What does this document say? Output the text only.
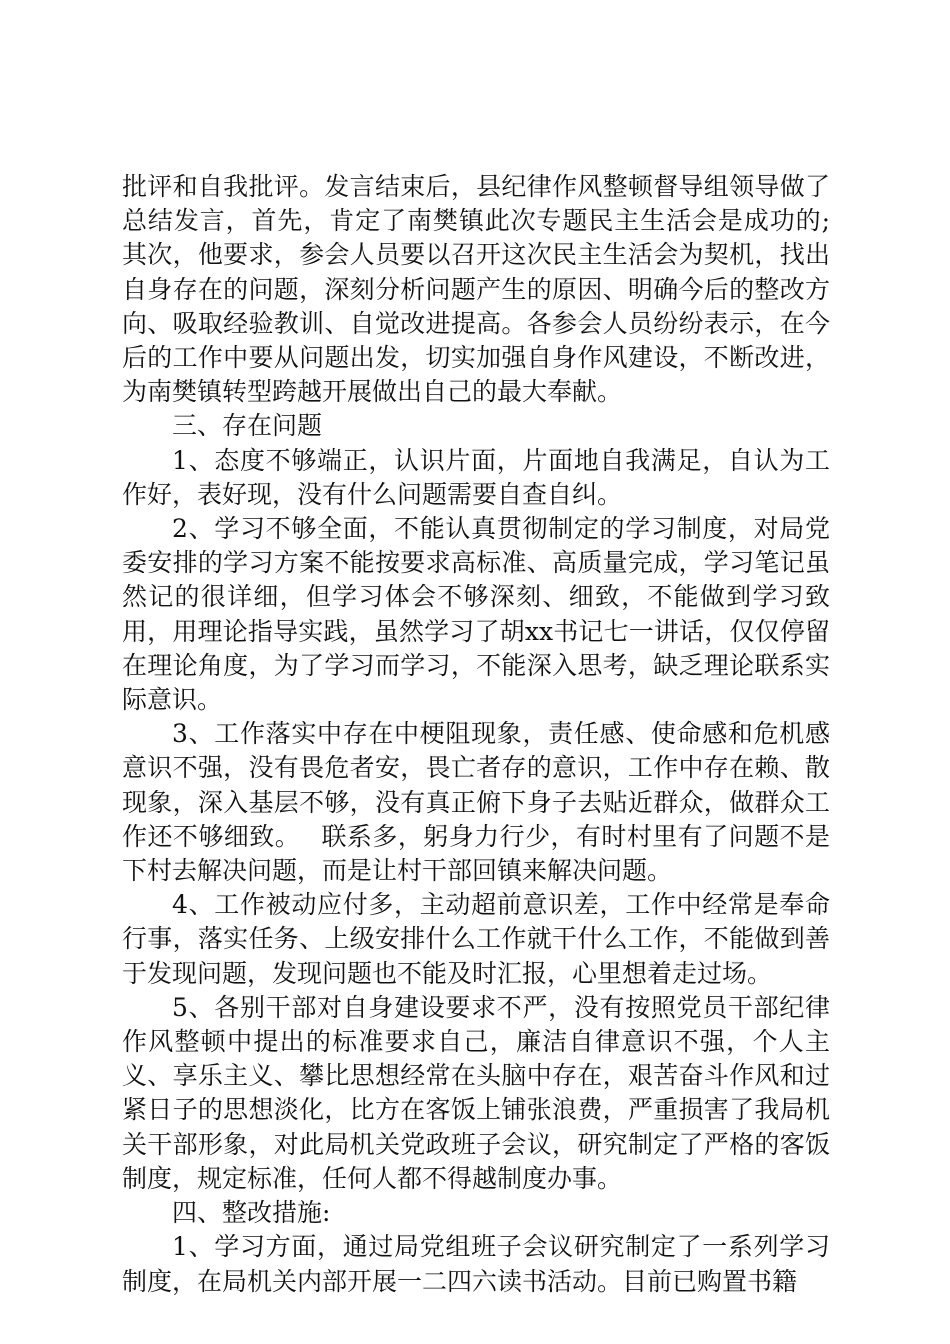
批评和自我批评。发言结束后，县纪律作风整顿督导组领导做了总结发言，首先，肯定了南樊镇此次专题民主生活会是成功的;其次，他要求，参会人员要以召开这次民主生活会为契机，找出自身存在的问题，深刻分析问题产生的原因、明确今后的整改方向、吸取经验教训、自觉改进提高。各参会人员纷纷表示，在今后的工作中要从问题出发，切实加强自身作风建设，不断改进，为南樊镇转型跨越开展做出自己的最大奉献。

三、存在问题

1、态度不够端正，认识片面，片面地自我满足，自认为工作好，表好现，没有什么问题需要自查自纠。

2、学习不够全面，不能认真贯彻制定的学习制度，对局党委安排的学习方案不能按要求高标准、高质量完成，学习笔记虽然记的很详细，但学习体会不够深刻、细致，不能做到学习致用，用理论指导实践，虽然学习了胡xx书记七一讲话，仅仅停留在理论角度，为了学习而学习，不能深入思考，缺乏理论联系实际意识。

3、工作落实中存在中梗阻现象，责任感、使命感和危机感意识不强，没有畏危者安，畏亡者存的意识，工作中存在赖、散现象，深入基层不够，没有真正俯下身子去贴近群众，做群众工作还不够细致。　 联系多，躬身力行少，有时村里有了问题不是下村去解决问题，而是让村干部回镇来解决问题。

4、工作被动应付多，主动超前意识差，工作中经常是奉命行事，落实任务、上级安排什么工作就干什么工作，不能做到善于发现问题，发现问题也不能及时汇报，心里想着走过场。

5、各别干部对自身建设要求不严，没有按照党员干部纪律作风整顿中提出的标准要求自己，廉洁自律意识不强，个人主义、享乐主义、攀比思想经常在头脑中存在，艰苦奋斗作风和过紧日子的思想淡化，比方在客饭上铺张浪费，严重损害了我局机关干部形象，对此局机关党政班子会议，研究制定了严格的客饭制度，规定标准，任何人都不得越制度办事。

四、整改措施:

1、学习方面，通过局党组班子会议研究制定了一系列学习制度，在局机关内部开展一二四六读书活动。目前已购置书籍
